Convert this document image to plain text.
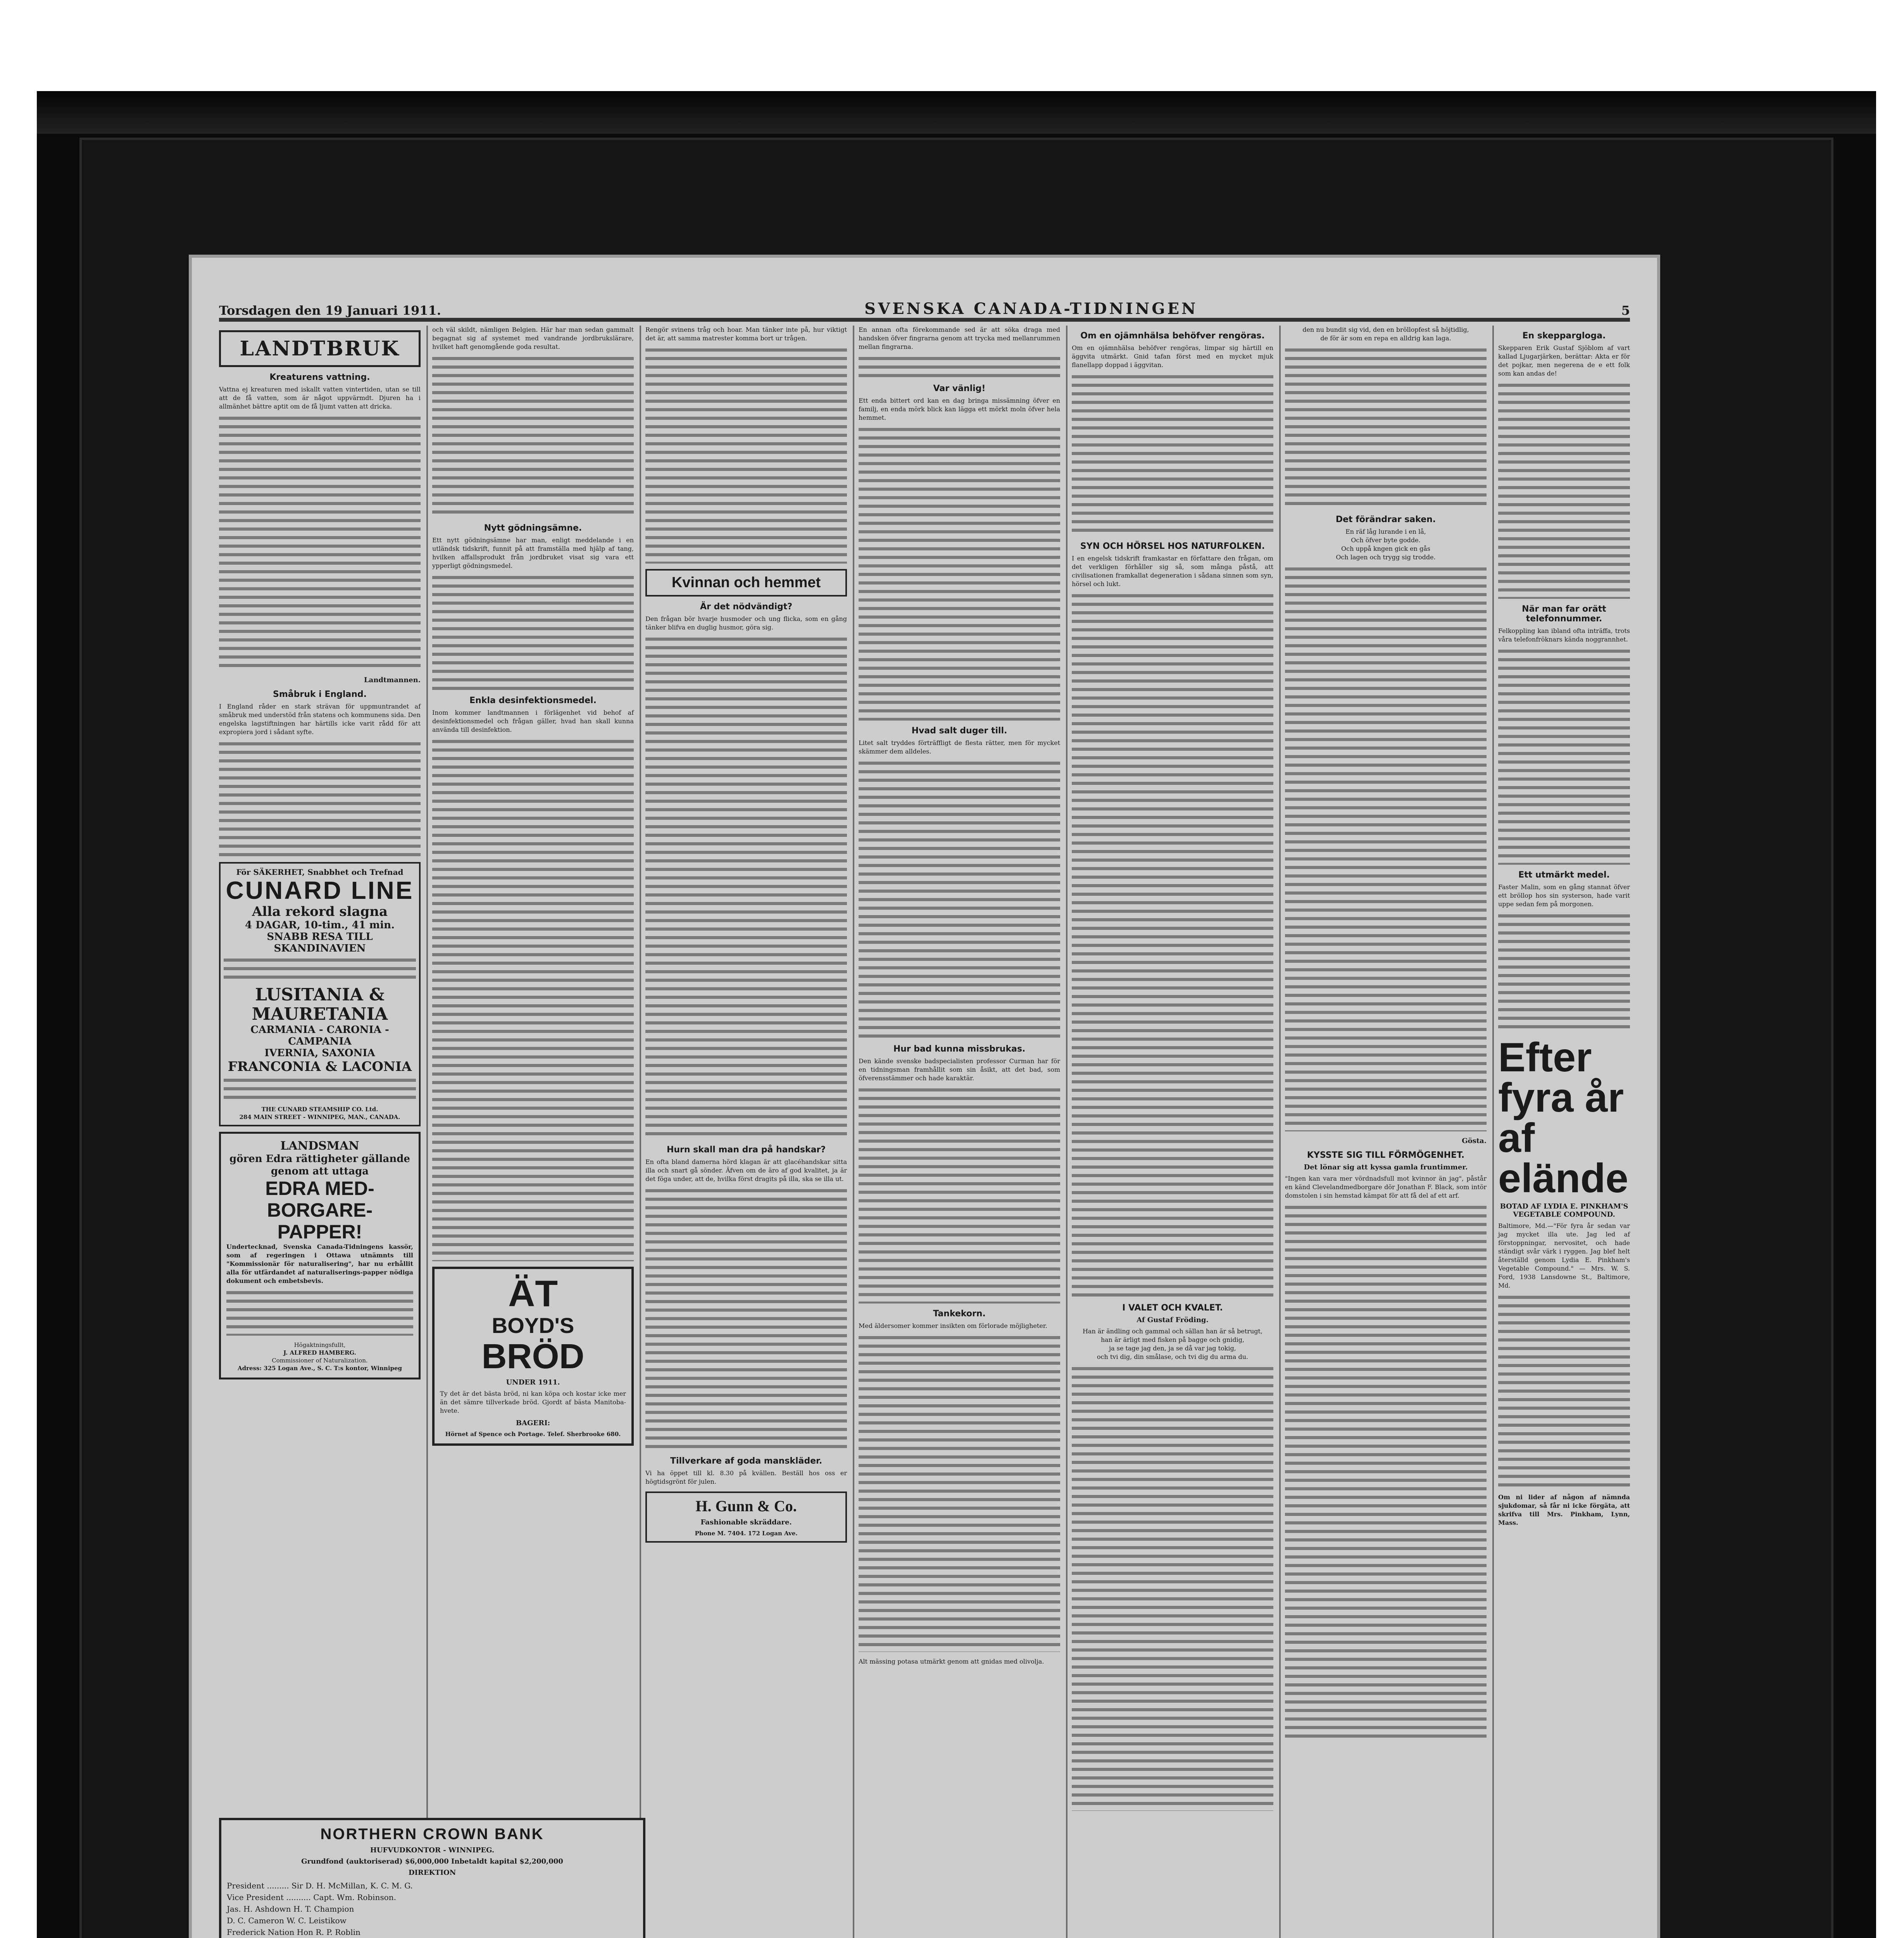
Torsdagen den 19 Januari 1911.	SVENSKA CANADA-TIDNINGEN	5
LANDTBRUK
Kreaturens vattning.

Vattna ej kreaturen med iskallt vatten vintertiden, utan se till att de få vatten, som är något uppvärmdt. Djuren ha i allmänhet bättre aptit om de få ljumt vatten att dricka.

Landtmannen.
Småbruk i England.

I England råder en stark strävan för uppmuntrandet af småbruk med understöd från statens och kommunens sida. Den engelska lagstiftningen har härtills icke varit rådd för att expropiera jord i sådant syfte.

För SÄKERHET, Snabbhet och Trefnad
CUNARD LINE
Alla rekord slagna
4 DAGAR, 10-tim., 41 min.
SNABB RESA TILL SKANDINAVIEN
LUSITANIA & MAURETANIA
CARMANIA - CARONIA - CAMPANIA
IVERNIA, SAXONIA
FRANCONIA & LACONIA
THE CUNARD STEAMSHIP CO. Ltd.
284 MAIN STREET - WINNIPEG, MAN., CANADA.
LANDSMAN
gören Edra rättigheter gällande genom att uttaga
EDRA MED-BORGARE-PAPPER!

Undertecknad, Svenska Canada-Tidningens kassör, som af regeringen i Ottawa utnämnts till "Kommissionär för naturalisering", har nu erhållit alla för utfärdandet af naturaliserings-papper nödiga dokument och embetsbevis.

Högaktningsfullt,
J. ALFRED HAMBERG.
Commissioner of Naturalization.
Adress: 325 Logan Ave., S. C. T:s kontor, Winnipeg

och väl skildt, nämligen Belgien. Här har man sedan gammalt begagnat sig af systemet med vandrande jordbrukslärare, hvilket haft genomgående goda resultat.

Nytt gödningsämne.

Ett nytt gödningsämne har man, enligt meddelande i en utländsk tidskrift, funnit på att framställa med hjälp af tang, hvilken affallsprodukt från jordbruket visat sig vara ett ypperligt gödningsmedel.

Enkla desinfektionsmedel.

Inom kommer landtmannen i förlägenhet vid behof af desinfektionsmedel och frågan gäller, hvad han skall kunna använda till desinfektion.

ÄT
BOYD'S
BRÖD
UNDER 1911.

Ty det är det bästa bröd, ni kan köpa och kostar icke mer än det sämre tillverkade bröd. Gjordt af bästa Manitoba-hvete.

BAGERI:
Hörnet af Spence och Portage. Telef. Sherbrooke 680.

Rengör svinens tråg och hoar. Man tänker inte på, hur viktigt det är, att samma matrester komma bort ur trågen.

Kvinnan och hemmet
Är det nödvändigt?

Den frågan bör hvarje husmoder och ung flicka, som en gång tänker blifva en duglig husmor, göra sig.

Hurn skall man dra på handskar?

En ofta bland damerna hörd klagan är att glacéhandskar sitta illa och snart gå sönder. Äfven om de äro af god kvalitet, ja är det föga under, att de, hvilka först dragits på illa, ska se illa ut.

Tillverkare af goda manskläder.

Vi ha öppet till kl. 8.30 på kvällen. Beställ hos oss er högtidsgrönt för julen.

H. Gunn & Co.
Fashionable skräddare.
Phone M. 7404. 172 Logan Ave.

En annan ofta förekommande sed är att söka draga med handsken öfver fingrarna genom att trycka med mellanrummen mellan fingrarna.

Var vänlig!

Ett enda bittert ord kan en dag bringa missämning öfver en familj, en enda mörk blick kan lägga ett mörkt moln öfver hela hemmet.

Hvad salt duger till.

Litet salt tryddes förträffligt de flesta rätter, men för mycket skämmer dem alldeles.

Hur bad kunna missbrukas.

Den kände svenske badspecialisten professor Curman har för en tidningsman framhållit som sin åsikt, att det bad, som öfverensstämmer och hade karaktär.

Tankekorn.

Med äldersomer kommer insikten om förlorade möjligheter.

Alt mässing potasa utmärkt genom att gnidas med olivolja.

Om en ojämnhälsa behöfver rengöras.

Om en ojämnhälsa behöfver rengöras, limpar sig härtill en äggvita utmärkt. Gnid tafan först med en mycket mjuk flanellapp doppad i äggvitan.

SYN OCH HÖRSEL HOS NATURFOLKEN.

I en engelsk tidskrift framkastar en författare den frågan, om det verkligen förhåller sig så, som många påstå, att civilisationen framkallat degeneration i sådana sinnen som syn, hörsel och lukt.

I VALET OCH KVALET.
Af Gustaf Fröding.

Han är ändling och gammal och sällan han är så betrugt,
han är ärligt med fisken på bagge och gnidig,
ja se tage jag den, ja se då var jag tokig,
och tvi dig, din smålase, och tvi dig du arma du.

den nu bundit sig vid, den en bröllopfest så höjtidlig,
de för är som en repa en alldrig kan laga.

Det förändrar saken.

En räf låg lurande i en lå,
Och öfver byte godde.
Och uppå kngen gick en gås
Och lagen och trygg sig trodde.

Gösta.
KYSSTE SIG TILL FÖRMÖGENHET.
Det lönar sig att kyssa gamla fruntimmer.

"Ingen kan vara mer vördnadsfull mot kvinnor än jag", påstår en känd Clevelandmedborgare dör Jonathan F. Black, som intör domstolen i sin hemstad kämpat för att få del af ett arf.

En skeppargloga.

Skepparen Erik Gustaf Sjöblom af vart kallad Ljugarjärken, berättar: Akta er för det pojkar, men negerena de e ett folk som kan andas de!

När man far orätt telefonnummer.

Felkoppling kan ibland ofta inträffa, trots våra telefonfröknars kända noggrannhet.

Ett utmärkt medel.

Faster Malin, som en gång stannat öfver ett bröllop hos sin systerson, hade varit uppe sedan fem på morgonen.

Efter fyra år af elände
BOTAD AF LYDIA E. PINKHAM'S VEGETABLE COMPOUND.

Baltimore, Md.—"För fyra år sedan var jag mycket illa ute. Jag led af förstoppningar, nervositet, och hade ständigt svår värk i ryggen. Jag blef helt återställd genom Lydia E. Pinkham's Vegetable Compound." — Mrs. W. S. Ford, 1938 Lansdowne St., Baltimore, Md.

Om ni lider af någon af nämnda sjukdomar, så får ni icke förgäta, att skrifva till Mrs. Pinkham, Lynn, Mass.

NORTHERN CROWN BANK
HUFVUDKONTOR - WINNIPEG.
Grundfond (auktoriserad) $6,000,000 Inbetaldt kapital $2,200,000
DIREKTION
President ......... Sir D. H. McMillan, K. C. M. G.
Vice President .......... Capt. Wm. Robinson.
Jas. H. Ashdown H. T. Champion
D. C. Cameron W. C. Leistikow
Frederick Nation Hon R. P. Roblin
